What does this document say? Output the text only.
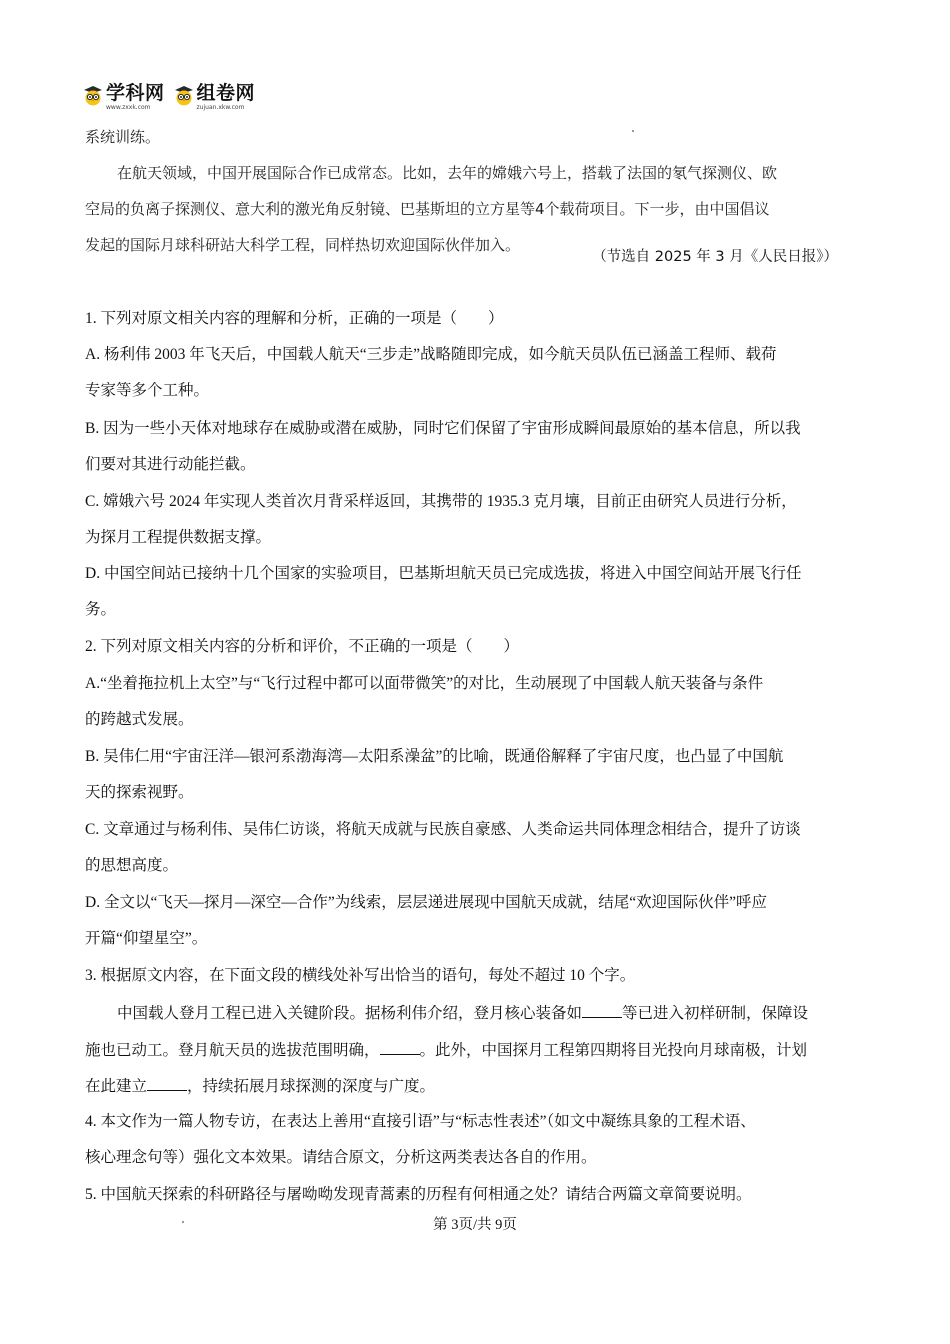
学科网
www.zxxk.com
组卷网
zujuan.xkw.com
系统训练。
在航天领域，中国开展国际合作已成常态。比如，去年的嫦娥六号上，搭载了法国的氡气探测仪、欧
空局的负离子探测仪、意大利的激光角反射镜、巴基斯坦的立方星等4个载荷项目。下一步，由中国倡议
发起的国际月球科研站大科学工程，同样热切欢迎国际伙伴加入。
（节选自 2025 年 3 月《人民日报》）
1. 下列对原文相关内容的理解和分析，正确的一项是（　　）
A. 杨利伟 2003 年飞天后，中国载人航天“三步走”战略随即完成，如今航天员队伍已涵盖工程师、载荷
专家等多个工种。
B. 因为一些小天体对地球存在威胁或潜在威胁，同时它们保留了宇宙形成瞬间最原始的基本信息，所以我
们要对其进行动能拦截。
C. 嫦娥六号 2024 年实现人类首次月背采样返回，其携带的 1935.3 克月壤，目前正由研究人员进行分析，
为探月工程提供数据支撑。
D. 中国空间站已接纳十几个国家的实验项目，巴基斯坦航天员已完成选拔，将进入中国空间站开展飞行任
务。
2. 下列对原文相关内容的分析和评价，不正确的一项是（　　）
A.“坐着拖拉机上太空”与“飞行过程中都可以面带微笑”的对比，生动展现了中国载人航天装备与条件
的跨越式发展。
B. 吴伟仁用“宇宙汪洋—银河系渤海湾—太阳系澡盆”的比喻，既通俗解释了宇宙尺度，也凸显了中国航
天的探索视野。
C. 文章通过与杨利伟、吴伟仁访谈，将航天成就与民族自豪感、人类命运共同体理念相结合，提升了访谈
的思想高度。
D. 全文以“飞天—探月—深空—合作”为线索，层层递进展现中国航天成就，结尾“欢迎国际伙伴”呼应
开篇“仰望星空”。
3. 根据原文内容，在下面文段的横线处补写出恰当的语句，每处不超过 10 个字。
中国载人登月工程已进入关键阶段。据杨利伟介绍，登月核心装备如	等已进入初样研制，保障设
施也已动工。登月航天员的选拔范围明确，	。此外，中国探月工程第四期将目光投向月球南极，计划
在此建立	，持续拓展月球探测的深度与广度。
4. 本文作为一篇人物专访，在表达上善用“直接引语”与“标志性表述”（如文中凝练具象的工程术语、
核心理念句等）强化文本效果。请结合原文，分析这两类表达各自的作用。
5. 中国航天探索的科研路径与屠呦呦发现青蒿素的历程有何相通之处？请结合两篇文章简要说明。
第 3页/共 9页
